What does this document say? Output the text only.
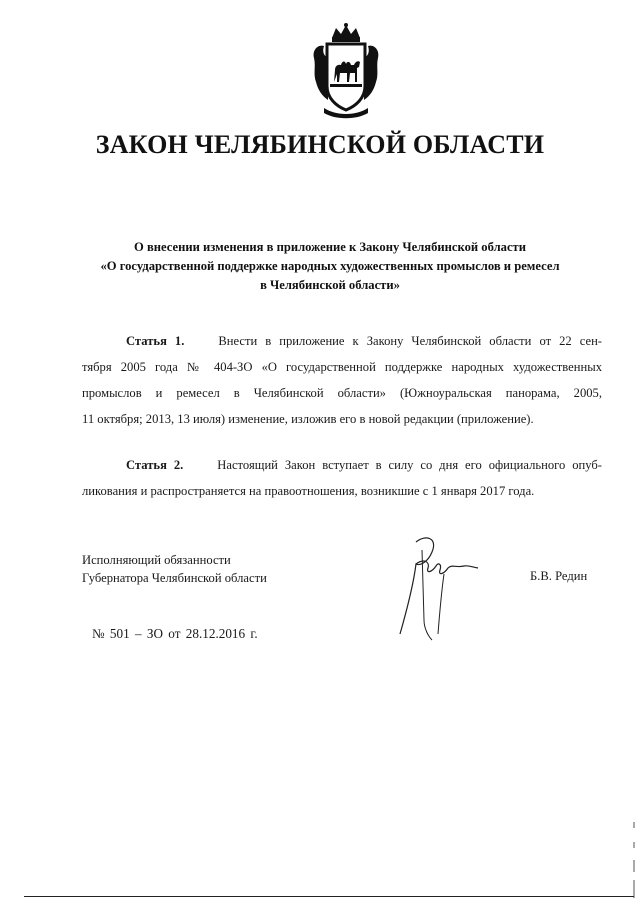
ЗАКОН ЧЕЛЯБИНСКОЙ ОБЛАСТИ
О внесении изменения в приложение к Закону Челябинской области
«О государственной поддержке народных художественных промыслов и ремесел
в Челябинской области»
Статья 1.	Внести в приложение к Закону Челябинской области от 22 сен-
тября 2005 года № 404-ЗО «О государственной поддержке народных художественных
промыслов и ремесел в Челябинской области» (Южноуральская панорама, 2005,
11 октября; 2013, 13 июля) изменение, изложив его в новой редакции (приложение).
Статья 2.	Настоящий Закон вступает в силу со дня его официального опуб-
ликования и распространяется на правоотношения, возникшие с 1 января 2017 года.
Исполняющий обязанности
Губернатора Челябинской области	Б.В. Редин
№ 501 – ЗО от 28.12.2016 г.
